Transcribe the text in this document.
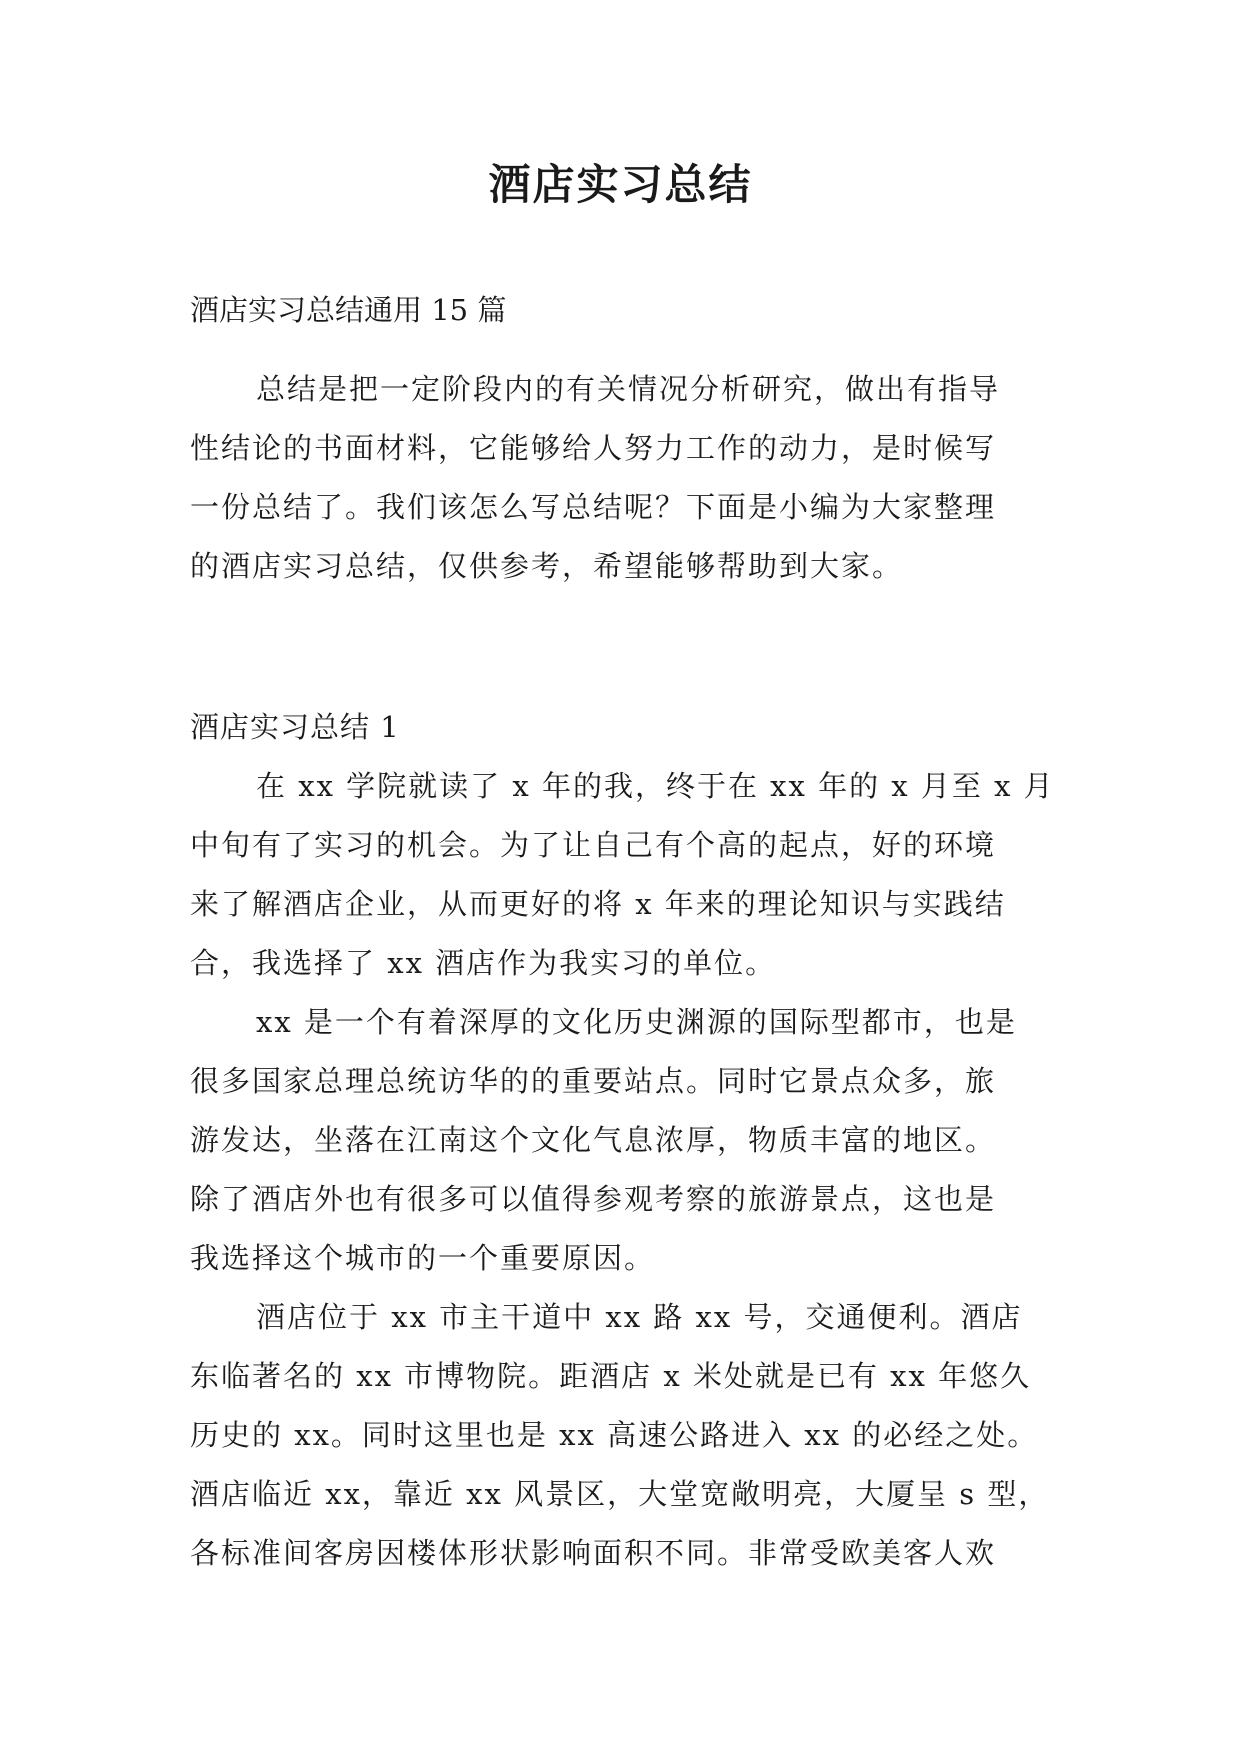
酒店实习总结

酒店实习总结通用 15 篇

总结是把一定阶段内的有关情况分析研究，做出有指导
性结论的书面材料，它能够给人努力工作的动力，是时候写
一份总结了。我们该怎么写总结呢？下面是小编为大家整理
的酒店实习总结，仅供参考，希望能够帮助到大家。
酒店实习总结 1
在 xx 学院就读了 x 年的我，终于在 xx 年的 x 月至 x 月
中旬有了实习的机会。为了让自己有个高的起点，好的环境
来了解酒店企业，从而更好的将 x 年来的理论知识与实践结
合，我选择了 xx 酒店作为我实习的单位。
xx 是一个有着深厚的文化历史渊源的国际型都市，也是
很多国家总理总统访华的的重要站点。同时它景点众多，旅
游发达，坐落在江南这个文化气息浓厚，物质丰富的地区。
除了酒店外也有很多可以值得参观考察的旅游景点，这也是
我选择这个城市的一个重要原因。
酒店位于 xx 市主干道中 xx 路 xx 号，交通便利。酒店
东临著名的 xx 市博物院。距酒店 x 米处就是已有 xx 年悠久
历史的 xx。同时这里也是 xx 高速公路进入 xx 的必经之处。
酒店临近 xx，靠近 xx 风景区，大堂宽敞明亮，大厦呈 s 型，
各标准间客房因楼体形状影响面积不同。非常受欧美客人欢
